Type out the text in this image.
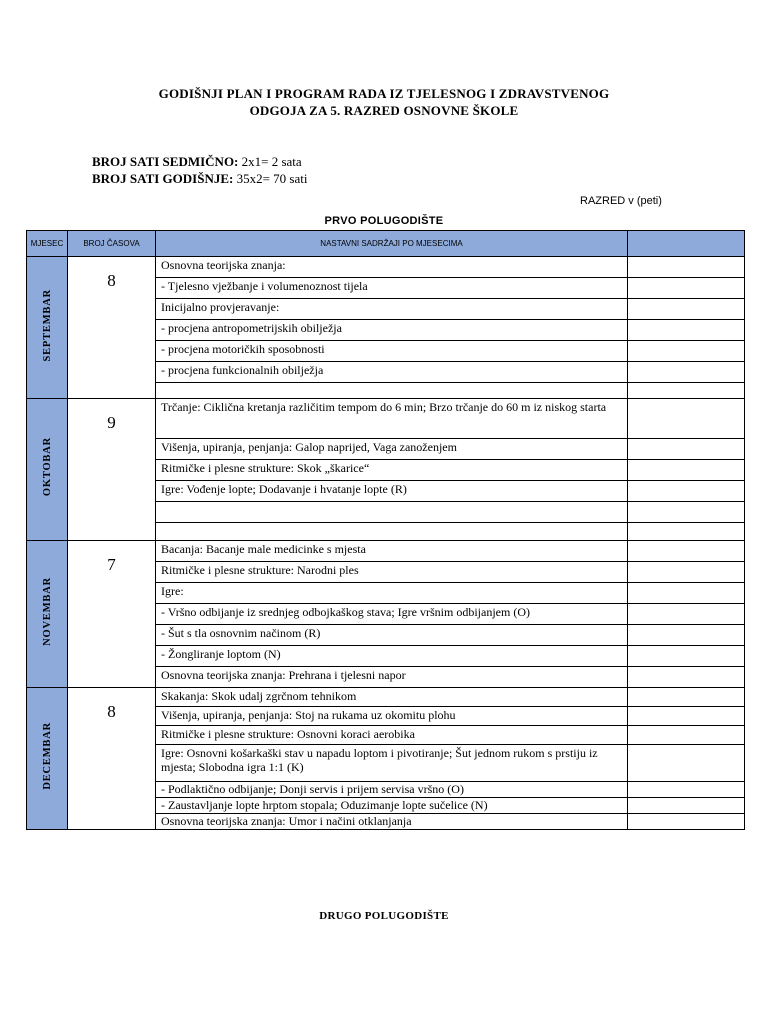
GODIŠNJI PLAN I PROGRAM RADA IZ TJELESNOG I ZDRAVSTVENOG
ODGOJA ZA 5. RAZRED OSNOVNE ŠKOLE
BROJ SATI SEDMIČNO: 2x1= 2 sata
BROJ SATI GODIŠNJE: 35x2= 70 sati
RAZRED v (peti)
PRVO POLUGODIŠTE
MJESEC	BROJ ČASOVA	NASTAVNI SADRŽAJI PO MJESECIMA	
SEPTEMBAR	8	Osnovna teorijska znanja:	
		- Tjelesno vježbanje i volumenoznost tijela	
		Inicijalno provjeravanje:	
		- procjena antropometrijskih obilježja	
		- procjena motoričkih sposobnosti	
		- procjena funkcionalnih obilježja	

OKTOBAR	9	Trčanje: Ciklična kretanja različitim tempom do 6 min; Brzo trčanje do 60 m iz niskog starta	
		Višenja, upiranja, penjanja: Galop naprijed, Vaga zanoženjem	
		Ritmičke i plesne strukture: Skok „škarice“	
		Igre: Vođenje lopte; Dodavanje i hvatanje lopte (R)	

NOVEMBAR	7	Bacanja: Bacanje male medicinke s mjesta	
		Ritmičke i plesne strukture: Narodni ples	
		Igre:	
		- Vršno odbijanje iz srednjeg odbojkaškog stava; Igre vršnim odbijanjem (O)	
		- Šut s tla osnovnim načinom (R)	
		- Žongliranje loptom (N)	
		Osnovna teorijska znanja: Prehrana i tjelesni napor	
DECEMBAR	8	Skakanja: Skok udalj zgrčnom tehnikom	
		Višenja, upiranja, penjanja: Stoj na rukama uz okomitu plohu	
		Ritmičke i plesne strukture: Osnovni koraci aerobika	
		Igre: Osnovni košarkaški stav u napadu loptom i pivotiranje; Šut jednom rukom s prstiju iz mjesta; Slobodna igra 1:1 (K)	
		- Podlaktično odbijanje; Donji servis i prijem servisa vršno (O)	
		- Zaustavljanje lopte hrptom stopala; Oduzimanje lopte sučelice (N)	
		Osnovna teorijska znanja: Umor i načini otklanjanja	
DRUGO POLUGODIŠTE
